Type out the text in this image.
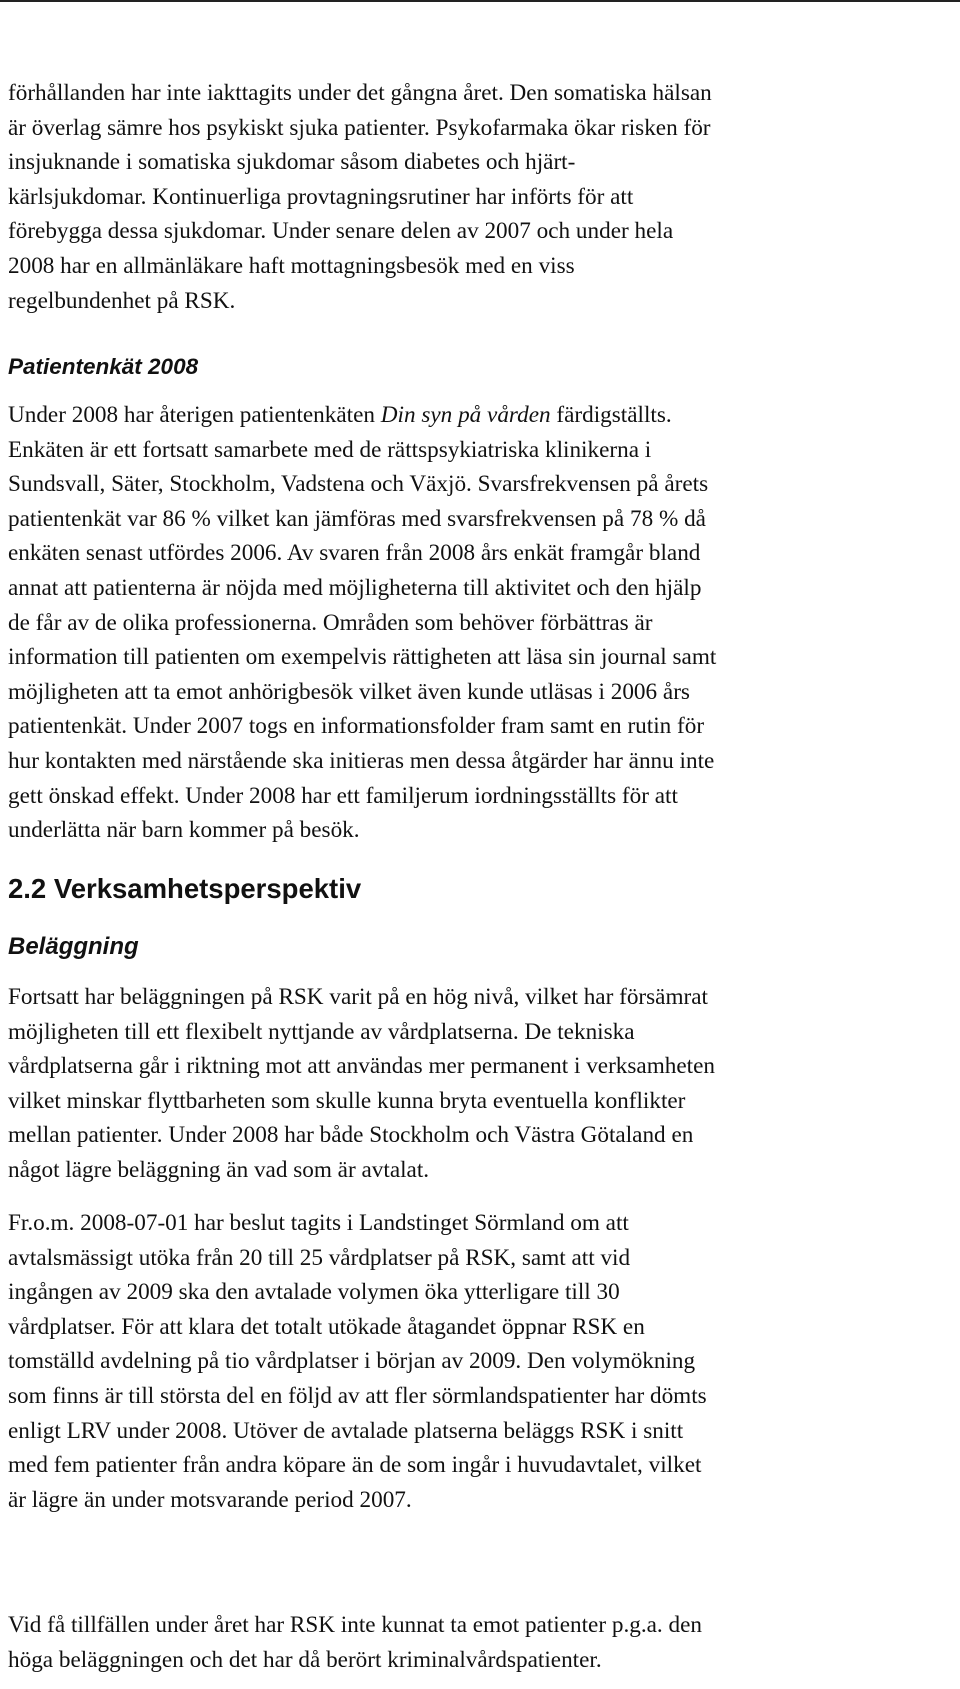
förhållanden har inte iakttagits under det gångna året. Den somatiska hälsan
är överlag sämre hos psykiskt sjuka patienter. Psykofarmaka ökar risken för
insjuknande i somatiska sjukdomar såsom diabetes och hjärt-
kärlsjukdomar. Kontinuerliga provtagningsrutiner har införts för att
förebygga dessa sjukdomar. Under senare delen av 2007 och under hela
2008 har en allmänläkare haft mottagningsbesök med en viss
regelbundenhet på RSK.

Patientenkät 2008

Under 2008 har återigen patientenkäten Din syn på vården färdigställts.
Enkäten är ett fortsatt samarbete med de rättspsykiatriska klinikerna i
Sundsvall, Säter, Stockholm, Vadstena och Växjö. Svarsfrekvensen på årets
patientenkät var 86 % vilket kan jämföras med svarsfrekvensen på 78 % då
enkäten senast utfördes 2006. Av svaren från 2008 års enkät framgår bland
annat att patienterna är nöjda med möjligheterna till aktivitet och den hjälp
de får av de olika professionerna. Områden som behöver förbättras är
information till patienten om exempelvis rättigheten att läsa sin journal samt
möjligheten att ta emot anhörigbesök vilket även kunde utläsas i 2006 års
patientenkät. Under 2007 togs en informationsfolder fram samt en rutin för
hur kontakten med närstående ska initieras men dessa åtgärder har ännu inte
gett önskad effekt. Under 2008 har ett familjerum iordningsställts för att
underlätta när barn kommer på besök.

2.2 Verksamhetsperspektiv
Beläggning

Fortsatt har beläggningen på RSK varit på en hög nivå, vilket har försämrat
möjligheten till ett flexibelt nyttjande av vårdplatserna. De tekniska
vårdplatserna går i riktning mot att användas mer permanent i verksamheten
vilket minskar flyttbarheten som skulle kunna bryta eventuella konflikter
mellan patienter. Under 2008 har både Stockholm och Västra Götaland en
något lägre beläggning än vad som är avtalat.

Fr.o.m. 2008-07-01 har beslut tagits i Landstinget Sörmland om att
avtalsmässigt utöka från 20 till 25 vårdplatser på RSK, samt att vid
ingången av 2009 ska den avtalade volymen öka ytterligare till 30
vårdplatser. För att klara det totalt utökade åtagandet öppnar RSK en
tomställd avdelning på tio vårdplatser i början av 2009. Den volymökning
som finns är till största del en följd av att fler sörmlandspatienter har dömts
enligt LRV under 2008. Utöver de avtalade platserna beläggs RSK i snitt
med fem patienter från andra köpare än de som ingår i huvudavtalet, vilket
är lägre än under motsvarande period 2007.

Vid få tillfällen under året har RSK inte kunnat ta emot patienter p.g.a. den
höga beläggningen och det har då berört kriminalvårdspatienter.
